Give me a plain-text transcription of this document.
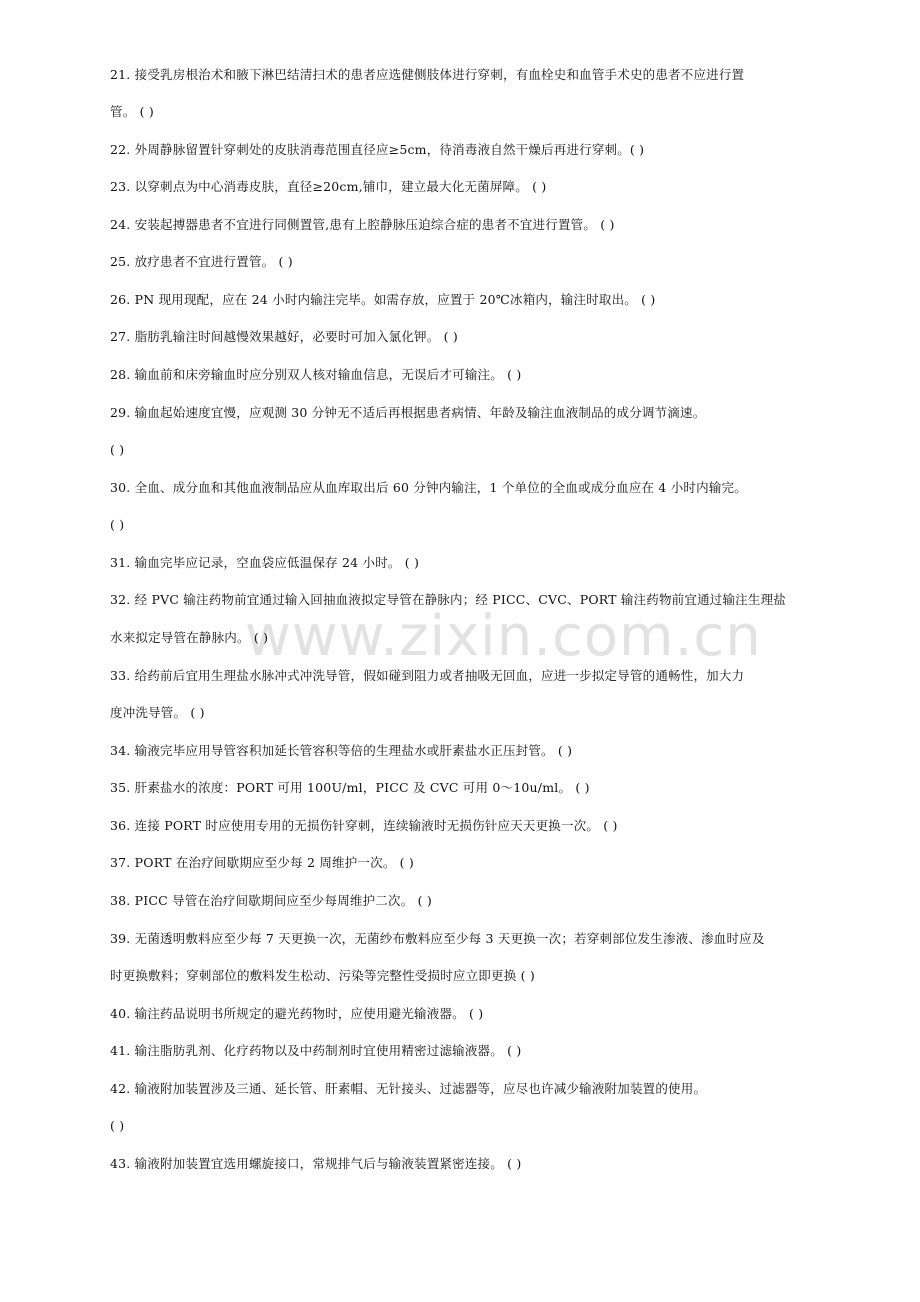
www.zixin.com.cn
21. 接受乳房根治术和腋下淋巴结清扫术的患者应选健侧肢体进行穿刺，有血栓史和血管手术史的患者不应进行置
管。 ( )
22. 外周静脉留置针穿刺处的皮肤消毒范围直径应≥5cm，待消毒液自然干燥后再进行穿刺。( )
23. 以穿刺点为中心消毒皮肤，直径≥20cm,铺巾，建立最大化无菌屏障。 ( )
24. 安装起搏器患者不宜进行同侧置管,患有上腔静脉压迫综合症的患者不宜进行置管。 ( )
25. 放疗患者不宜进行置管。 ( )
26. PN 现用现配，应在 24 小时内输注完毕。如需存放，应置于 20℃冰箱内，输注时取出。 ( )
27. 脂肪乳输注时间越慢效果越好，必要时可加入氯化钾。 ( )
28. 输血前和床旁输血时应分别双人核对输血信息，无误后才可输注。 ( )
29. 输血起始速度宜慢，应观测 30 分钟无不适后再根据患者病情、年龄及输注血液制品的成分调节滴速。
( )
30. 全血、成分血和其他血液制品应从血库取出后 60 分钟内输注，1 个单位的全血或成分血应在 4 小时内输完。
( )
31. 输血完毕应记录，空血袋应低温保存 24 小时。 ( )
32. 经 PVC 输注药物前宜通过输入回抽血液拟定导管在静脉内；经 PICC、CVC、PORT 输注药物前宜通过输注生理盐
水来拟定导管在静脉内。 ( )
33. 给药前后宜用生理盐水脉冲式冲洗导管，假如碰到阻力或者抽吸无回血，应进一步拟定导管的通畅性，加大力
度冲洗导管。 ( )
34. 输液完毕应用导管容积加延长管容积等倍的生理盐水或肝素盐水正压封管。 ( )
35. 肝素盐水的浓度：PORT 可用 100U/ml，PICC 及 CVC 可用 0～10u/ml。 ( )
36. 连接 PORT 时应使用专用的无损伤针穿刺，连续输液时无损伤针应天天更换一次。 ( )
37. PORT 在治疗间歇期应至少每 2 周维护一次。 ( )
38. PICC 导管在治疗间歇期间应至少每周维护二次。 ( )
39. 无菌透明敷料应至少每 7 天更换一次，无菌纱布敷料应至少每 3 天更换一次；若穿刺部位发生渗液、渗血时应及
时更换敷料；穿刺部位的敷料发生松动、污染等完整性受损时应立即更换 ( )
40. 输注药品说明书所规定的避光药物时，应使用避光输液器。 ( )
41. 输注脂肪乳剂、化疗药物以及中药制剂时宜使用精密过滤输液器。 ( )
42. 输液附加装置涉及三通、延长管、肝素帽、无针接头、过滤器等，应尽也许减少输液附加装置的使用。
( )
43. 输液附加装置宜选用螺旋接口，常规排气后与输液装置紧密连接。 ( )
